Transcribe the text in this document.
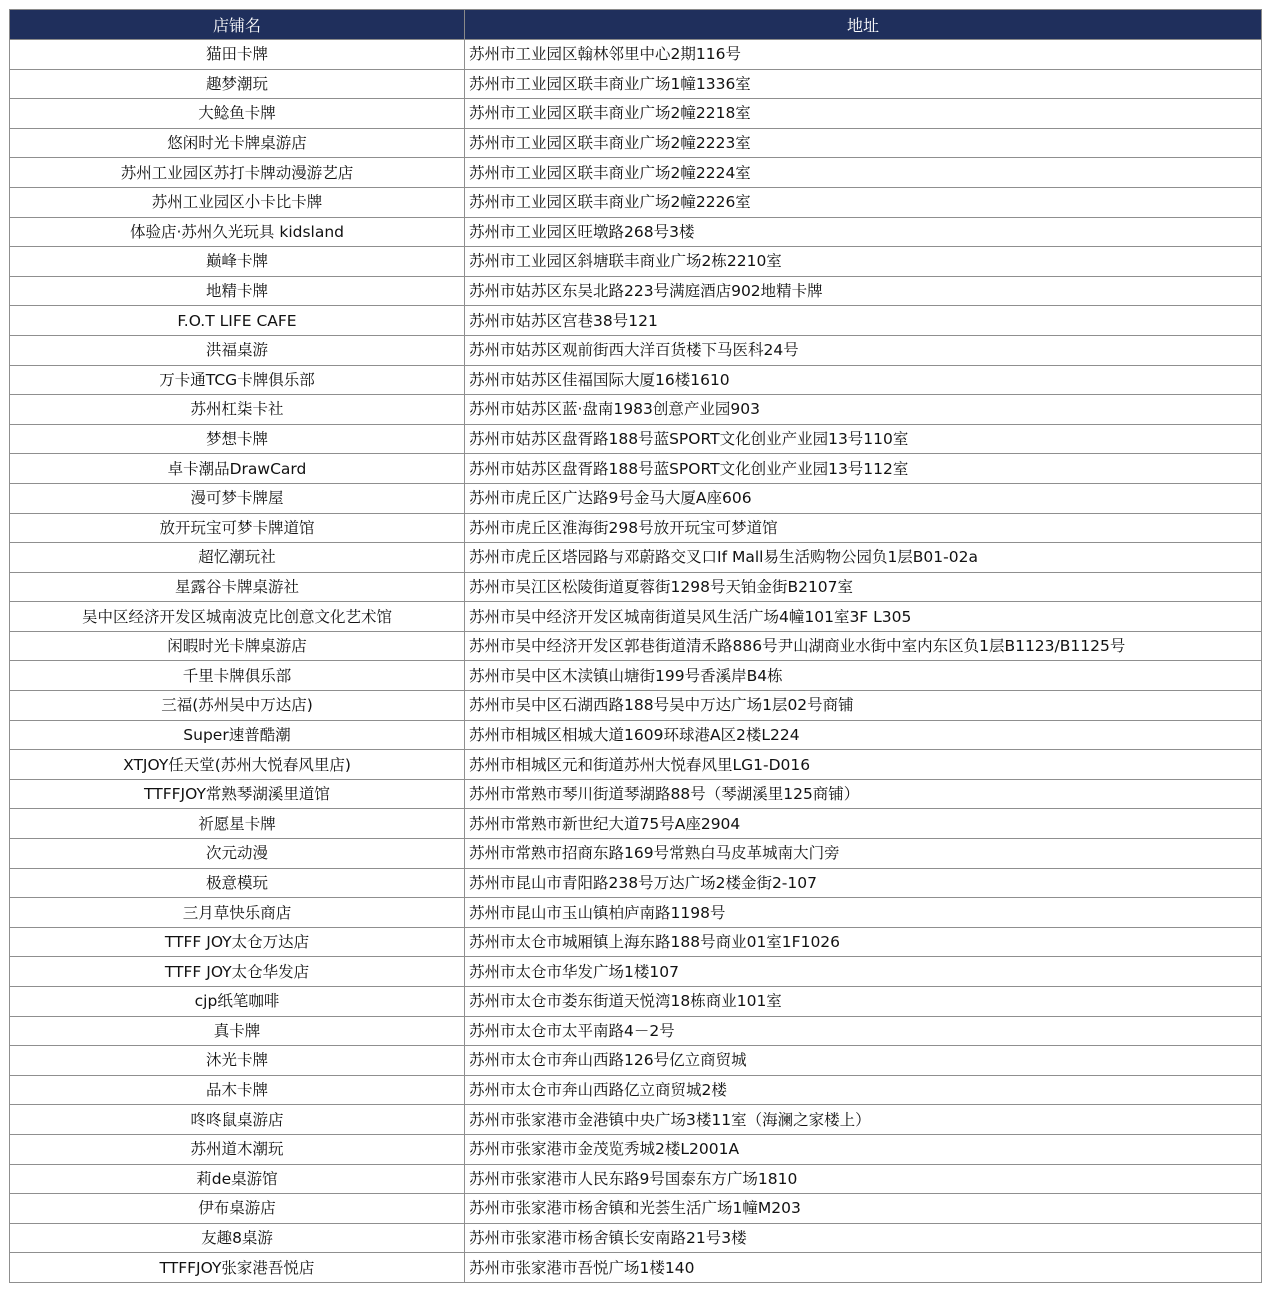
店铺名	地址
猫田卡牌	苏州市工业园区翰林邻里中心2期116号
趣梦潮玩	苏州市工业园区联丰商业广场1幢1336室
大鲶鱼卡牌	苏州市工业园区联丰商业广场2幢2218室
悠闲时光卡牌桌游店	苏州市工业园区联丰商业广场2幢2223室
苏州工业园区苏打卡牌动漫游艺店	苏州市工业园区联丰商业广场2幢2224室
苏州工业园区小卡比卡牌	苏州市工业园区联丰商业广场2幢2226室
体验店·苏州久光玩具 kidsland	苏州市工业园区旺墩路268号3楼
巅峰卡牌	苏州市工业园区斜塘联丰商业广场2栋2210室
地精卡牌	苏州市姑苏区东吴北路223号满庭酒店902地精卡牌
F.O.T LIFE CAFE	苏州市姑苏区宫巷38号121
洪福桌游	苏州市姑苏区观前街西大洋百货楼下马医科24号
万卡通TCG卡牌俱乐部	苏州市姑苏区佳福国际大厦16楼1610
苏州杠柒卡社	苏州市姑苏区蓝·盘南1983创意产业园903
梦想卡牌	苏州市姑苏区盘胥路188号蓝SPORT文化创业产业园13号110室
卓卡潮品DrawCard	苏州市姑苏区盘胥路188号蓝SPORT文化创业产业园13号112室
漫可梦卡牌屋	苏州市虎丘区广达路9号金马大厦A座606
放开玩宝可梦卡牌道馆	苏州市虎丘区淮海街298号放开玩宝可梦道馆
超忆潮玩社	苏州市虎丘区塔园路与邓蔚路交叉口If Mall易生活购物公园负1层B01-02a
星露谷卡牌桌游社	苏州市吴江区松陵街道夏蓉街1298号天铂金街B2107室
吴中区经济开发区城南波克比创意文化艺术馆	苏州市吴中经济开发区城南街道吴风生活广场4幢101室3F L305
闲暇时光卡牌桌游店	苏州市吴中经济开发区郭巷街道清禾路886号尹山湖商业水街中室内东区负1层B1123/B1125号
千里卡牌俱乐部	苏州市吴中区木渎镇山塘街199号香溪岸B4栋
三福(苏州吴中万达店)	苏州市吴中区石湖西路188号吴中万达广场1层02号商铺
Super速普酷潮	苏州市相城区相城大道1609环球港A区2楼L224
XTJOY任天堂(苏州大悦春风里店)	苏州市相城区元和街道苏州大悦春风里LG1-D016
TTFFJOY常熟琴湖溪里道馆	苏州市常熟市琴川街道琴湖路88号（琴湖溪里125商铺）
祈愿星卡牌	苏州市常熟市新世纪大道75号A座2904
次元动漫	苏州市常熟市招商东路169号常熟白马皮革城南大门旁
极意模玩	苏州市昆山市青阳路238号万达广场2楼金街2-107
三月草快乐商店	苏州市昆山市玉山镇柏庐南路1198号
TTFF JOY太仓万达店	苏州市太仓市城厢镇上海东路188号商业01室1F1026
TTFF JOY太仓华发店	苏州市太仓市华发广场1楼107
cjp纸笔咖啡	苏州市太仓市娄东街道天悦湾18栋商业101室
真卡牌	苏州市太仓市太平南路4－2号
沐光卡牌	苏州市太仓市奔山西路126号亿立商贸城
品木卡牌	苏州市太仓市奔山西路亿立商贸城2楼
咚咚鼠桌游店	苏州市张家港市金港镇中央广场3楼11室（海澜之家楼上）
苏州道木潮玩	苏州市张家港市金茂览秀城2楼L2001A
莉de桌游馆	苏州市张家港市人民东路9号国泰东方广场1810
伊布桌游店	苏州市张家港市杨舍镇和光荟生活广场1幢M203
友趣8桌游	苏州市张家港市杨舍镇长安南路21号3楼
TTFFJOY张家港吾悦店	苏州市张家港市吾悦广场1楼140
